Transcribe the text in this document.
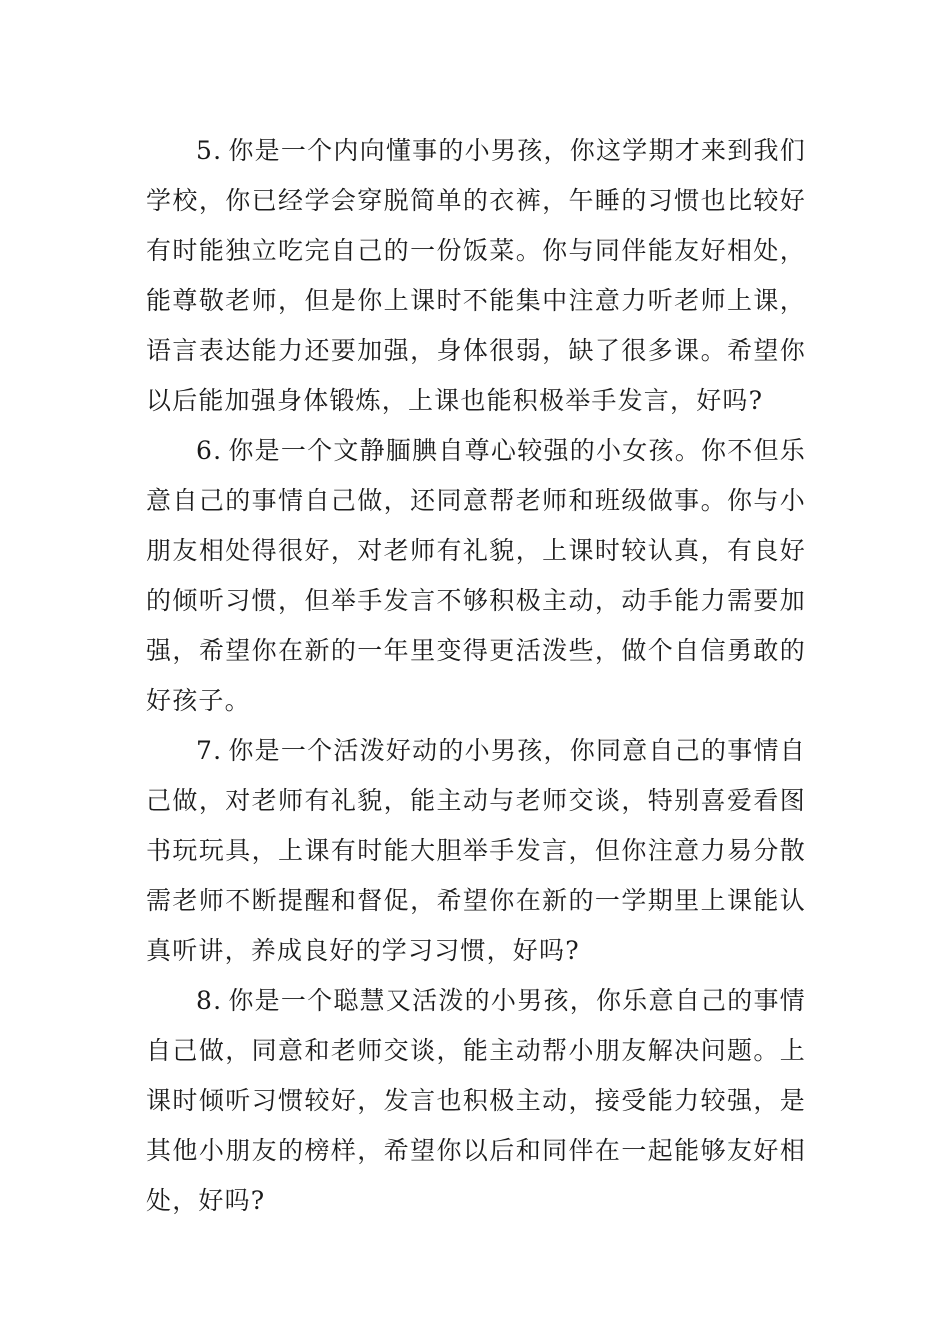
5. 你是一个内向懂事的小男孩，你这学期才来到我们学校，你已经学会穿脱简单的衣裤，午睡的习惯也比较好有时能独立吃完自己的一份饭菜。你与同伴能友好相处，能尊敬老师，但是你上课时不能集中注意力听老师上课，语言表达能力还要加强，身体很弱，缺了很多课。希望你以后能加强身体锻炼，上课也能积极举手发言，好吗?

6. 你是一个文静腼腆自尊心较强的小女孩。你不但乐意自己的事情自己做，还同意帮老师和班级做事。你与小朋友相处得很好，对老师有礼貌，上课时较认真，有良好的倾听习惯，但举手发言不够积极主动，动手能力需要加强，希望你在新的一年里变得更活泼些，做个自信勇敢的好孩子。

7. 你是一个活泼好动的小男孩，你同意自己的事情自己做，对老师有礼貌，能主动与老师交谈，特别喜爱看图书玩玩具，上课有时能大胆举手发言，但你注意力易分散需老师不断提醒和督促，希望你在新的一学期里上课能认真听讲，养成良好的学习习惯，好吗?

8. 你是一个聪慧又活泼的小男孩，你乐意自己的事情自己做，同意和老师交谈，能主动帮小朋友解决问题。上课时倾听习惯较好，发言也积极主动，接受能力较强，是其他小朋友的榜样，希望你以后和同伴在一起能够友好相处，好吗?
